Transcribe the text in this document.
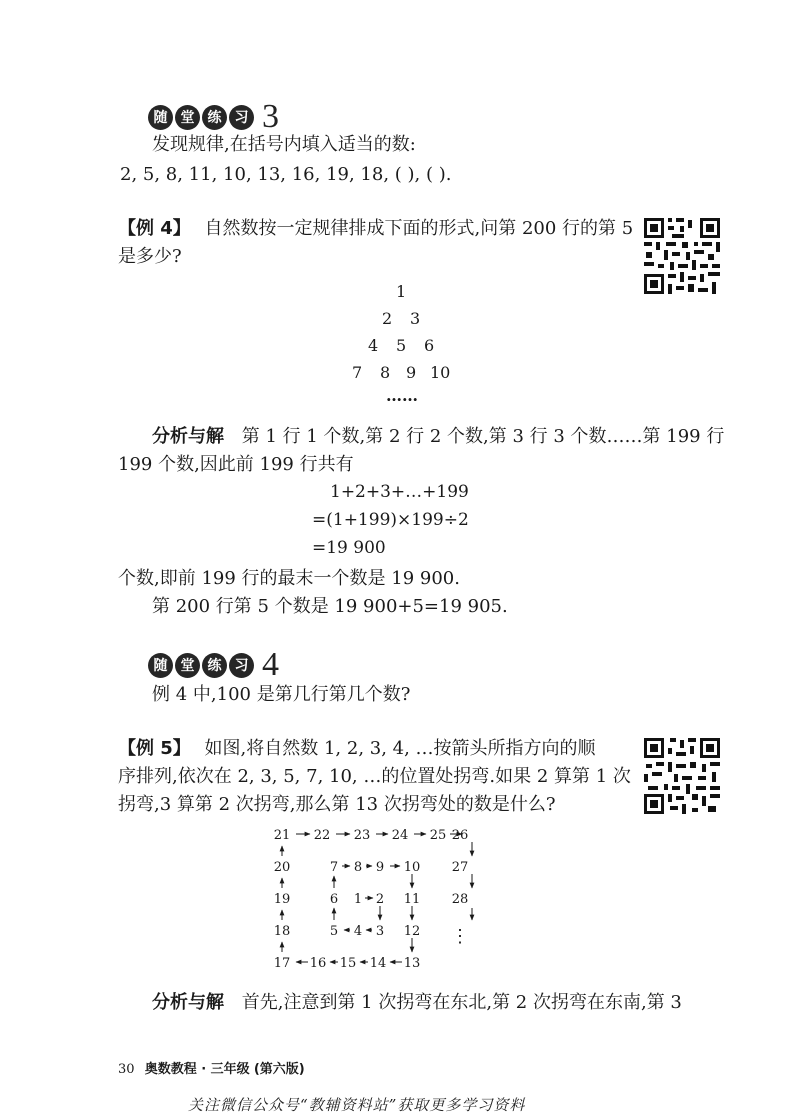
随 堂 练 习 3
发现规律,在括号内填入适当的数:
2, 5, 8, 11, 10, 13, 16, 19, 18, ( ), ( ).
【例 4】 自然数按一定规律排成下面的形式,问第 200 行的第 5
是多少?
1
2 3
4 5 6
7 8 9 10
……
分析与解 第 1 行 1 个数,第 2 行 2 个数,第 3 行 3 个数……第 199 行
199 个数,因此前 199 行共有
1+2+3+…+199
=(1+199)×199÷2
=19 900
个数,即前 199 行的最末一个数是 19 900.
第 200 行第 5 个数是 19 900+5=19 905.
随 堂 练 习 4
例 4 中,100 是第几行第几个数?
【例 5】 如图,将自然数 1, 2, 3, 4, …按箭头所指方向的顺
序排列,依次在 2, 3, 5, 7, 10, …的位置处拐弯.如果 2 算第 1 次
拐弯,3 算第 2 次拐弯,那么第 13 次拐弯处的数是什么?
1 2
3
4
5
6
7 8 9 10
11
12
13
14
15
16
17
18
19
20
21 22 23 24 25 26
27
28
⋮
分析与解 首先,注意到第 1 次拐弯在东北,第 2 次拐弯在东南,第 3
30 奥数教程 · 三年级 (第六版)
关注微信公众号“教辅资料站”获取更多学习资料
